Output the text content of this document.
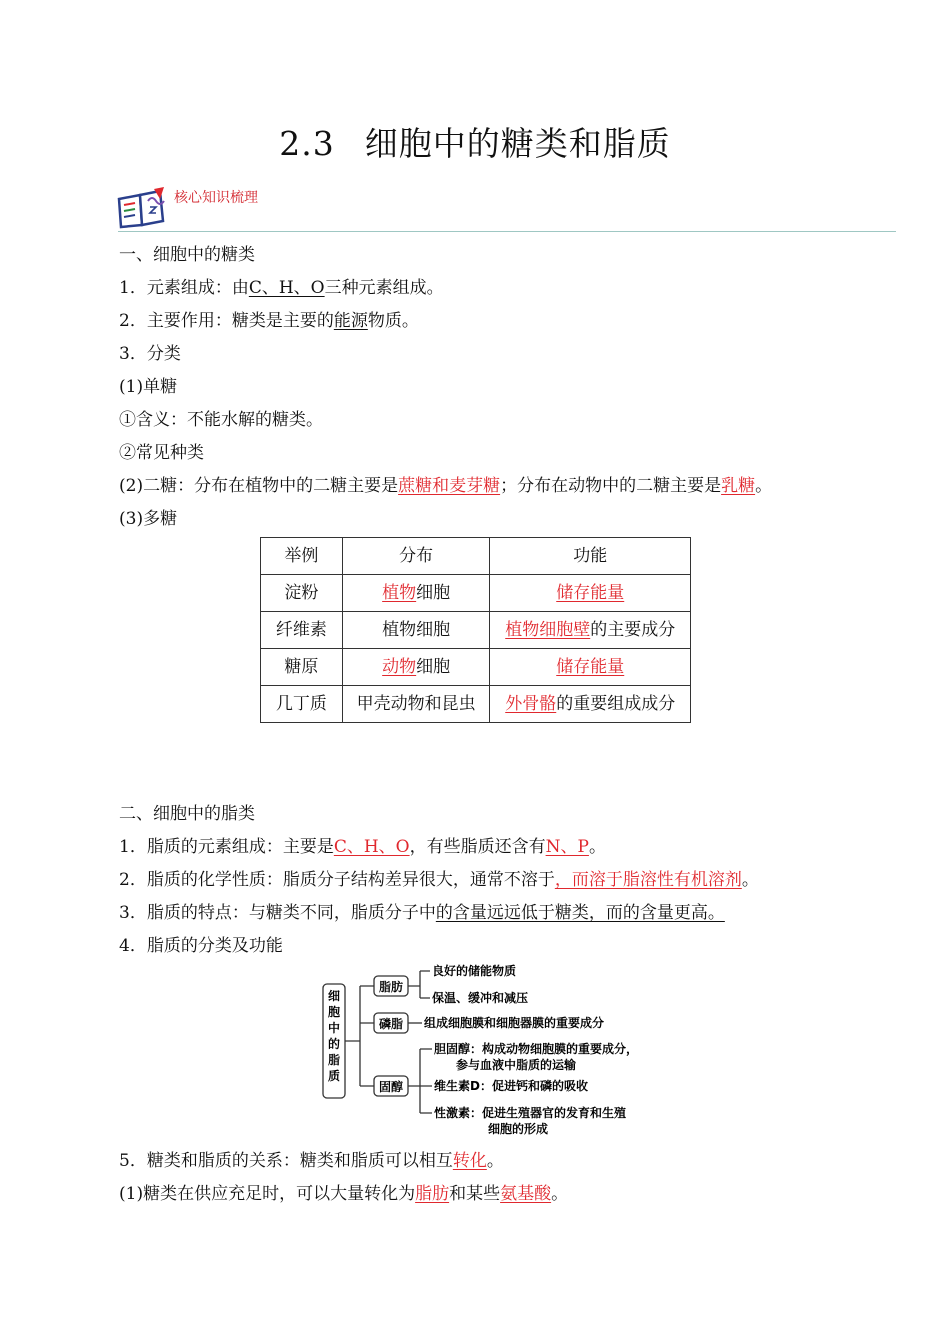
2.3 细胞中的糖类和脂质
核心知识梳理
一、细胞中的糖类
1．元素组成：由C、H、O三种元素组成。
2．主要作用：糖类是主要的能源物质。
3．分类
(1)单糖
①含义：不能水解的糖类。
②常见种类
(2)二糖：分布在植物中的二糖主要是蔗糖和麦芽糖；分布在动物中的二糖主要是乳糖。
(3)多糖
举例	分布	功能
淀粉	植物细胞	储存能量
纤维素	植物细胞	植物细胞壁的主要成分
糖原	动物细胞	储存能量
几丁质	甲壳动物和昆虫	外骨骼的重要组成成分
二、细胞中的脂类
1．脂质的元素组成：主要是C、H、O，有些脂质还含有N、P。
2．脂质的化学性质：脂质分子结构差异很大，通常不溶于，而溶于脂溶性有机溶剂。
3．脂质的特点：与糖类不同，脂质分子中的含量远远低于糖类，而的含量更高。
4．脂质的分类及功能
细
胞
中
的
脂
质
脂肪
磷脂
固醇
良好的储能物质
保温、缓冲和减压
组成细胞膜和细胞器膜的重要成分
胆固醇：构成动物细胞膜的重要成分，
参与血液中脂质的运输
维生素D：促进钙和磷的吸收
性激素：促进生殖器官的发育和生殖
细胞的形成
5．糖类和脂质的关系：糖类和脂质可以相互转化。
(1)糖类在供应充足时，可以大量转化为脂肪和某些氨基酸。
